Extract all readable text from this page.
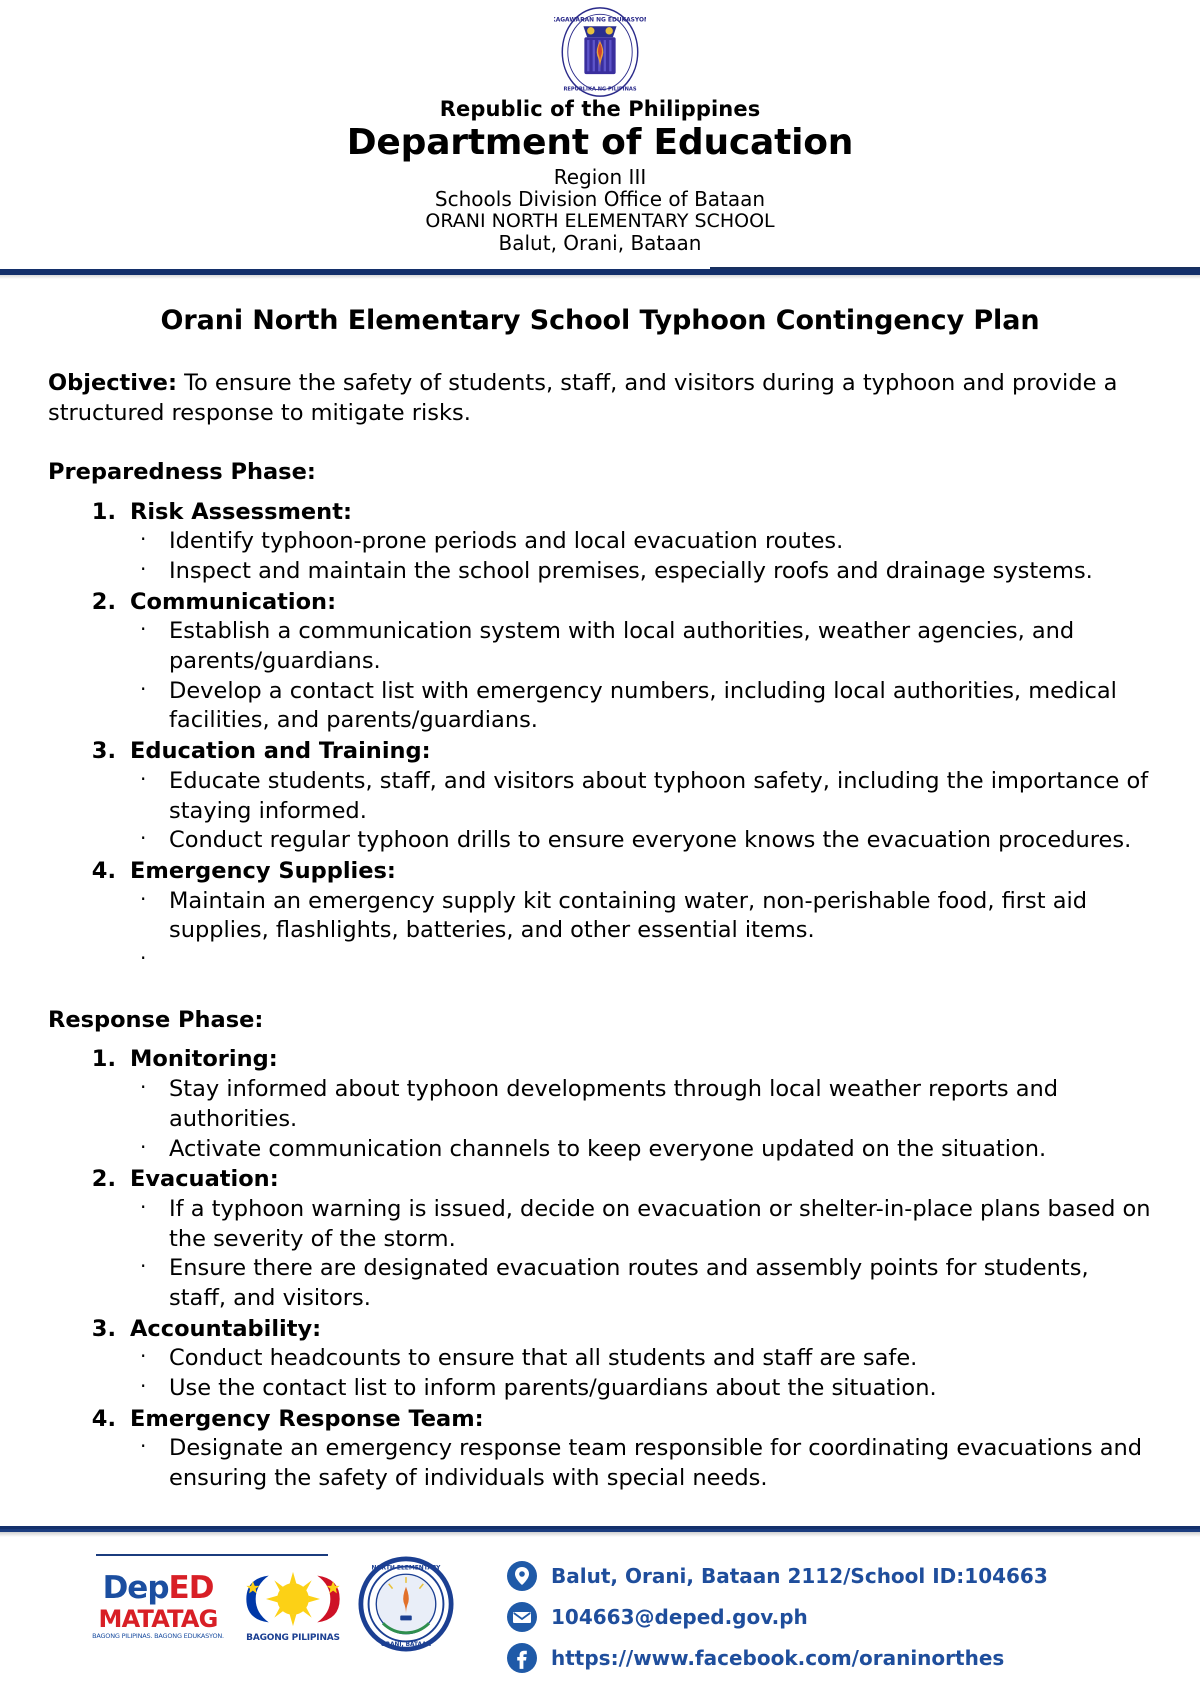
KAGAWARAN NG EDUKASYON
REPUBLIKA NG PILIPINAS
Republic of the Philippines
Department of Education
Region III
Schools Division Office of Bataan
ORANI NORTH ELEMENTARY SCHOOL
Balut, Orani, Bataan
Orani North Elementary School Typhoon Contingency Plan
Objective: To ensure the safety of students, staff, and visitors during a typhoon and provide a structured response to mitigate risks.
Preparedness Phase:
1. Risk Assessment:
· Identify typhoon-prone periods and local evacuation routes.
· Inspect and maintain the school premises, especially roofs and drainage systems.
2. Communication:
· Establish a communication system with local authorities, weather agencies, and parents/guardians.
· Develop a contact list with emergency numbers, including local authorities, medical facilities, and parents/guardians.
3. Education and Training:
· Educate students, staff, and visitors about typhoon safety, including the importance of staying informed.
· Conduct regular typhoon drills to ensure everyone knows the evacuation procedures.
4. Emergency Supplies:
· Maintain an emergency supply kit containing water, non-perishable food, first aid supplies, flashlights, batteries, and other essential items.
·
Response Phase:
1. Monitoring:
· Stay informed about typhoon developments through local weather reports and authorities.
· Activate communication channels to keep everyone updated on the situation.
2. Evacuation:
· If a typhoon warning is issued, decide on evacuation or shelter-in-place plans based on the severity of the storm.
· Ensure there are designated evacuation routes and assembly points for students, staff, and visitors.
3. Accountability:
· Conduct headcounts to ensure that all students and staff are safe.
· Use the contact list to inform parents/guardians about the situation.
4. Emergency Response Team:
· Designate an emergency response team responsible for coordinating evacuations and ensuring the safety of individuals with special needs.
DepED
MATATAG
BAGONG PILIPINAS. BAGONG EDUKASYON.	BAGONG PILIPINAS
NORTH ELEMENTARY
ORANI, BATAAN
Balut, Orani, Bataan 2112/School ID:104663
104663@deped.gov.ph
https://www.facebook.com/oraninorthes
